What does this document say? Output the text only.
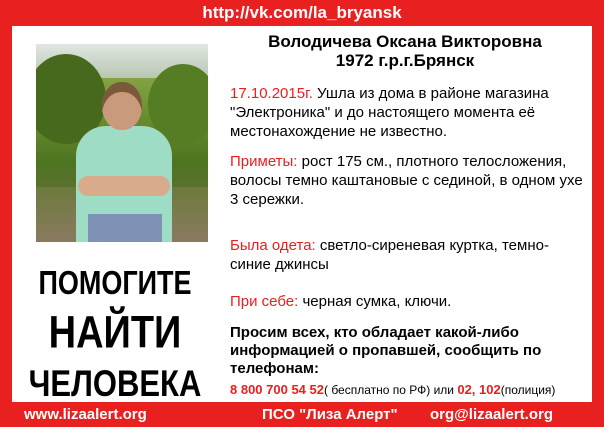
http://vk.com/la_bryansk
ПОМОГИТЕ
НАЙТИ
ЧЕЛОВЕКА
Володичева Оксана Викторовна
1972 г.р.г.Брянск
17.10.2015г. Ушла из дома в районе магазина "Электроника" и до настоящего момента её местонахождение не известно.
Приметы: рост 175 см., плотного телосложения, волосы темно каштановые с сединой, в одном ухе 3 сережки.
Была одета: светло-сиреневая куртка, темно-синие джинсы
При себе: черная сумка, ключи.
Просим всех, кто обладает какой-либо информацией о пропавшей, сообщить по телефонам:
8 800 700 54 52( бесплатно по РФ) или 02, 102(полиция)
www.lizaalert.org	ПСО "Лиза Алерт" org@lizaalert.org
